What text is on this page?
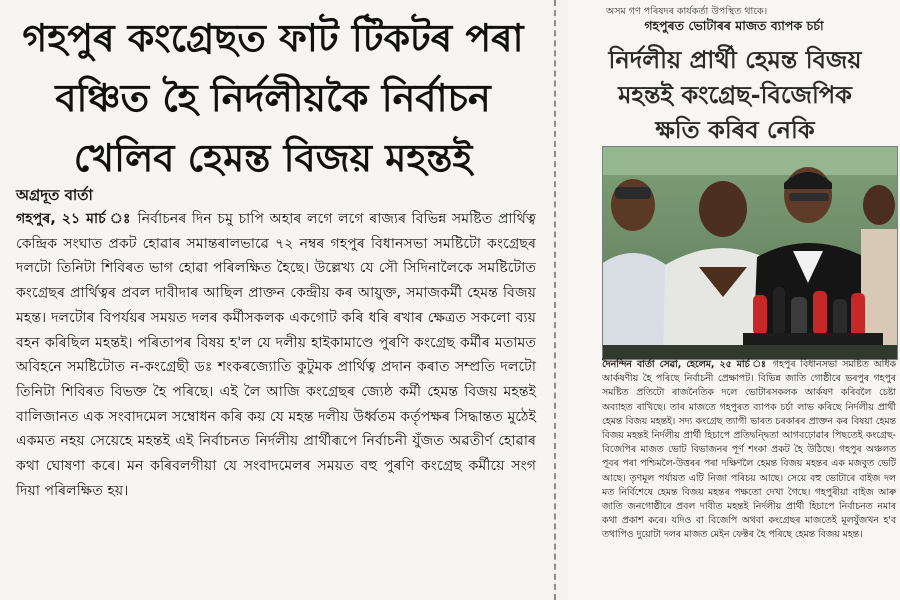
গহপুৰ কংগ্ৰেছত ফাট টিকটৰ পৰা
বঞ্চিত হৈ নিৰ্দলীয়কৈ নিৰ্বাচন
খেলিব হেমন্ত বিজয় মহন্তই
অগ্ৰদূত বাৰ্তা
গহপুৰ, ২১ মাৰ্চ ঃ নিৰ্বাচনৰ দিন চমু চাপি অহাৰ লগে লগে ৰাজ্যৰ বিভিন্ন সমষ্টিত প্ৰাৰ্থিত্ব কেন্দ্ৰিক সংঘাত প্ৰকট হোৱাৰ সমান্তৰালভাৱে ৭২ নম্বৰ গহপুৰ বিধানসভা সমষ্টিটো কংগ্ৰেছৰ দলটো তিনিটা শিবিৰত ভাগ হোৱা পৰিলক্ষিত হৈছে। উল্লেখ্য যে সৌ সিদিনালৈকে সমষ্টিটোত কংগ্ৰেছৰ প্ৰাৰ্থিত্বৰ প্ৰবল দাবীদাৰ আছিল প্ৰাক্তন কেন্দ্ৰীয় কৰ আয়ুক্ত, সমাজকৰ্মী হেমন্ত বিজয় মহন্ত। দলটোৰ বিপৰ্যয়ৰ সময়ত দলৰ কৰ্মীসকলক একগোট কৰি ধৰি ৰখাৰ ক্ষেত্ৰত সকলো ব্যয় বহন কৰিছিল মহন্তই। পৰিতাপৰ বিষয় হ'ল যে দলীয় হাইকামাণ্ডে পুৰণি কংগ্ৰেছ কৰ্মীৰ মতামত অবিহনে সমষ্টিটোত ন-কংগ্ৰেছী ডঃ শংকৰজ্যোতি কুটুমক প্ৰাৰ্থিত্ব প্ৰদান কৰাত সম্প্ৰতি দলটো তিনিটা শিবিৰত বিভক্ত হৈ পৰিছে। এই লৈ আজি কংগ্ৰেছৰ জ্যেষ্ঠ কৰ্মী হেমন্ত বিজয় মহন্তই বালিজানত এক সংবাদমেল সম্বোধন কৰি কয় যে মহন্ত দলীয় উৰ্ধ্বতম কৰ্তৃপক্ষৰ সিদ্ধান্তত মুঠেই একমত নহয় সেয়েহে মহন্তই এই নিৰ্বাচনত নিৰ্দলীয় প্ৰাৰ্থীৰূপে নিৰ্বাচনী যুঁজত অৱতীৰ্ণ হোৱাৰ কথা ঘোষণা কৰে। মন কৰিবলগীয়া যে সংবাদমেলৰ সময়ত বহু পুৰণি কংগ্ৰেছ কৰ্মীয়ে সংগ দিয়া পৰিলক্ষিত হয়।
অসম গণ পৰিষদৰ কাৰ্যকৰ্তা উপস্থিত থাকে।
গহপুৰত ভোটাৰৰ মাজত ব্যাপক চৰ্চা
নিৰ্দলীয় প্ৰাৰ্থী হেমন্ত বিজয়
মহন্তই কংগ্ৰেছ-বিজেপিক
ক্ষতি কৰিব নেকি
দৈনন্দিন বাৰ্তা সেৱা, হেলেম, ২৫ মাৰ্চ ঃ গহপুৰ বিধানসভা সমষ্টিত অধিক আৰ্কষণীয় হৈ পৰিছে নিৰ্বাচনী প্ৰেক্ষাপট। বিভিন্ন জাতি গোষ্ঠীৰে ভৰপুৰ গহপুৰ সমষ্টিত প্ৰতিটো ৰাজনৈতিক দলে ভোটাৰসকলক আৰ্কষণ কৰিবলৈ চেষ্টা অব্যাহত ৰাখিছে। তাৰ মাজতে গহপুৰত ব্যাপক চৰ্চা লাভ কৰিছে নিৰ্দলীয় প্ৰাৰ্থী হেমন্ত বিজয় মহন্তই। সদ্য কংগ্ৰেছ ত্যাগী ভাৰত চৰকাৰৰ প্ৰাক্তন কৰ বিষয়া হেমন্ত বিজয় মহন্তই নিৰ্দলীয় প্ৰাৰ্থী হিচাপে প্ৰতিদ্বন্দ্বিতা আগবঢ়োৱাৰ পিছতেই কংগ্ৰেছ-বিজেপিৰ মাজত ভোট বিভাজনৰ পূৰ্ণ শংকা প্ৰকট হৈ উঠিছে। গহপুৰ অঞ্চলত পূবৰ পৰা পশ্চিমলৈ-উত্তৰৰ পৰা দক্ষিণলৈ হেমন্ত বিজয় মহন্তৰ এক মজবুত ভেটি আছে। তৃণমূল পৰ্যায়ত এটি নিজা পৰিচয় আছে। সেয়ে বহু ভোটাৰে বাইজ দল মত নিৰ্বিশেষে হেমন্ত বিজয় মহন্তৰ পক্ষতো দেখা গৈছে। গহপুৰীয়া বাইজ আৰু জাতি জনগোষ্ঠীৰে প্ৰবল দাবীত মহন্তই নিৰ্দলীয় প্ৰাৰ্থী হিচাপে নিৰ্বাচনত নমাৰ কথা প্ৰকাশ কৰে। যদিও বা বিজেপি অথবা কংগ্ৰেছৰ মাজতেই মূলযুঁজখন হ'ব তথাপিও দুয়োটা দলৰ মাজত মেইন ফেক্টৰ হৈ পৰিছে হেমন্ত বিজয় মহন্ত।
